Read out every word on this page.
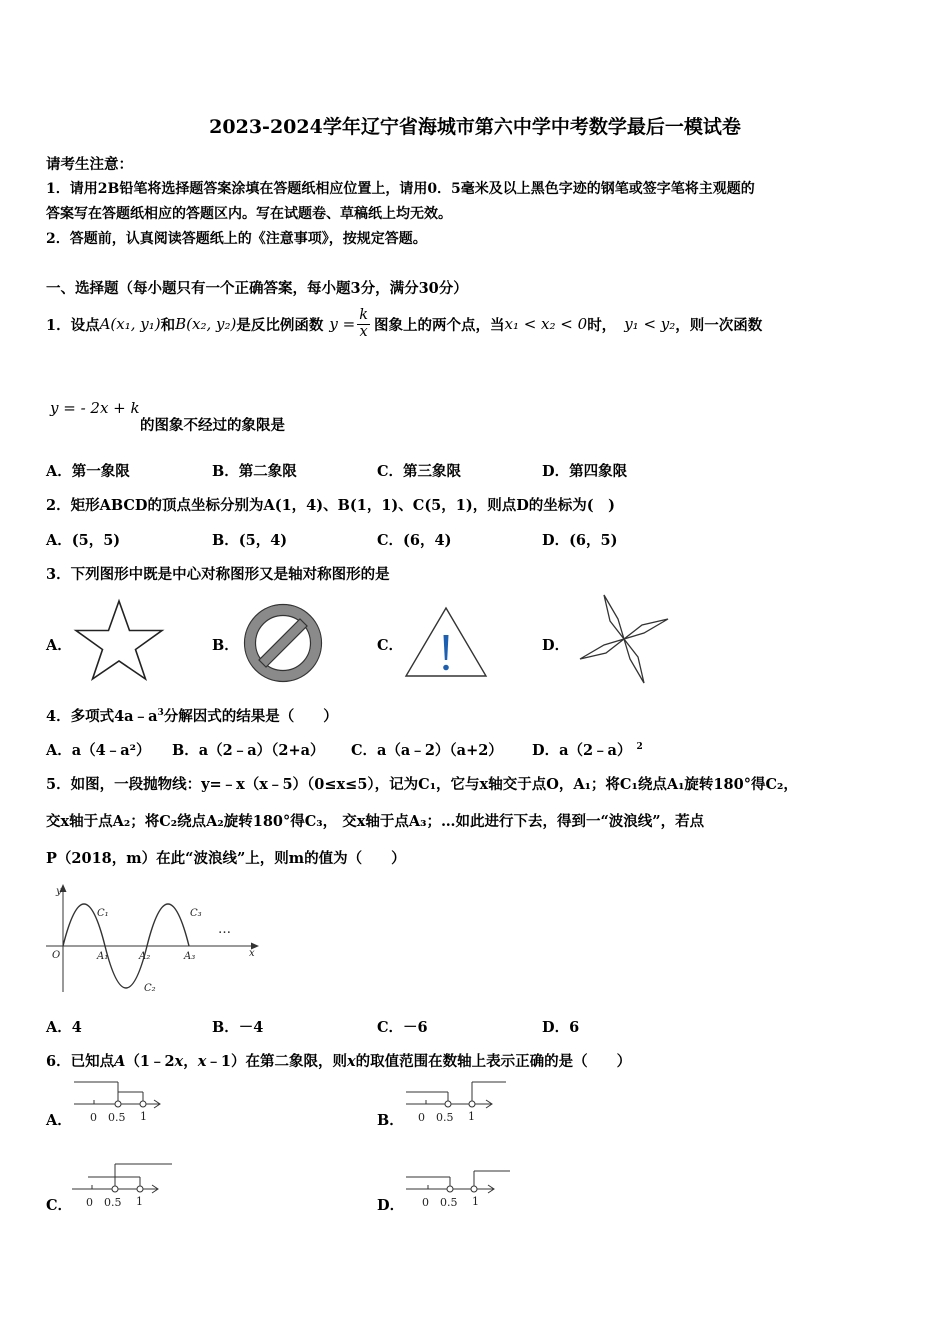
2023-2024学年辽宁省海城市第六中学中考数学最后一模试卷
请考生注意：
1．请用2B铅笔将选择题答案涂填在答题纸相应位置上，请用0．5毫米及以上黑色字迹的钢笔或签字笔将主观题的
答案写在答题纸相应的答题区内。写在试题卷、草稿纸上均无效。
2．答题前，认真阅读答题纸上的《注意事项》，按规定答题。
一、选择题（每小题只有一个正确答案，每小题3分，满分30分）
1．设点 A(x₁, y₁) 和 B(x₂, y₂) 是反比例函数 $y = \frac{k}{x}$ 图象上的两个点，当 x₁ < x₂ < 0 时， y₁ < y₂ ，则一次函数
y = - 2x + k
的图象不经过的象限是
A．第一象限	B．第二象限	C．第三象限	D．第四象限
2．矩形ABCD的顶点坐标分别为A(1，4)、B(1，1)、C(5，1)，则点D的坐标为(　)
A．(5，5)	B．(5，4)	C．(6，4)	D．(6，5)
3．下列图形中既是中心对称图形又是轴对称图形的是
A．	B．	C．	D．
4．多项式$4a﹣a^3$分解因式的结果是（　　）
A．a（4﹣a²） B．a（2﹣a）（2+a） C．a（a﹣2）（a+2） D．a（2﹣a） $^2$
5．如图，一段抛物线：y=﹣x（x﹣5）（0≤x≤5），记为C₁，它与x轴交于点O，A₁；将C₁绕点A₁旋转180°得C₂，
交x轴于点A₂；将C₂绕点A₂旋转180°得C₃， 交x轴于点A₃；…如此进行下去，得到一“波浪线”，若点
P（2018，m）在此“波浪线”上，则m的值为（　　）
y
x
O	A₁	A₂	A₃
C₁
C₂
C₃
…
A．4	B．－4	C．－6	D．6
6．已知点A（1﹣2x，x﹣1）在第二象限，则x的取值范围在数轴上表示正确的是（　　）
A．	B．
C．	D．
0 0.5 1	0 0.5 1
0 0.5 1	0 0.5 1
